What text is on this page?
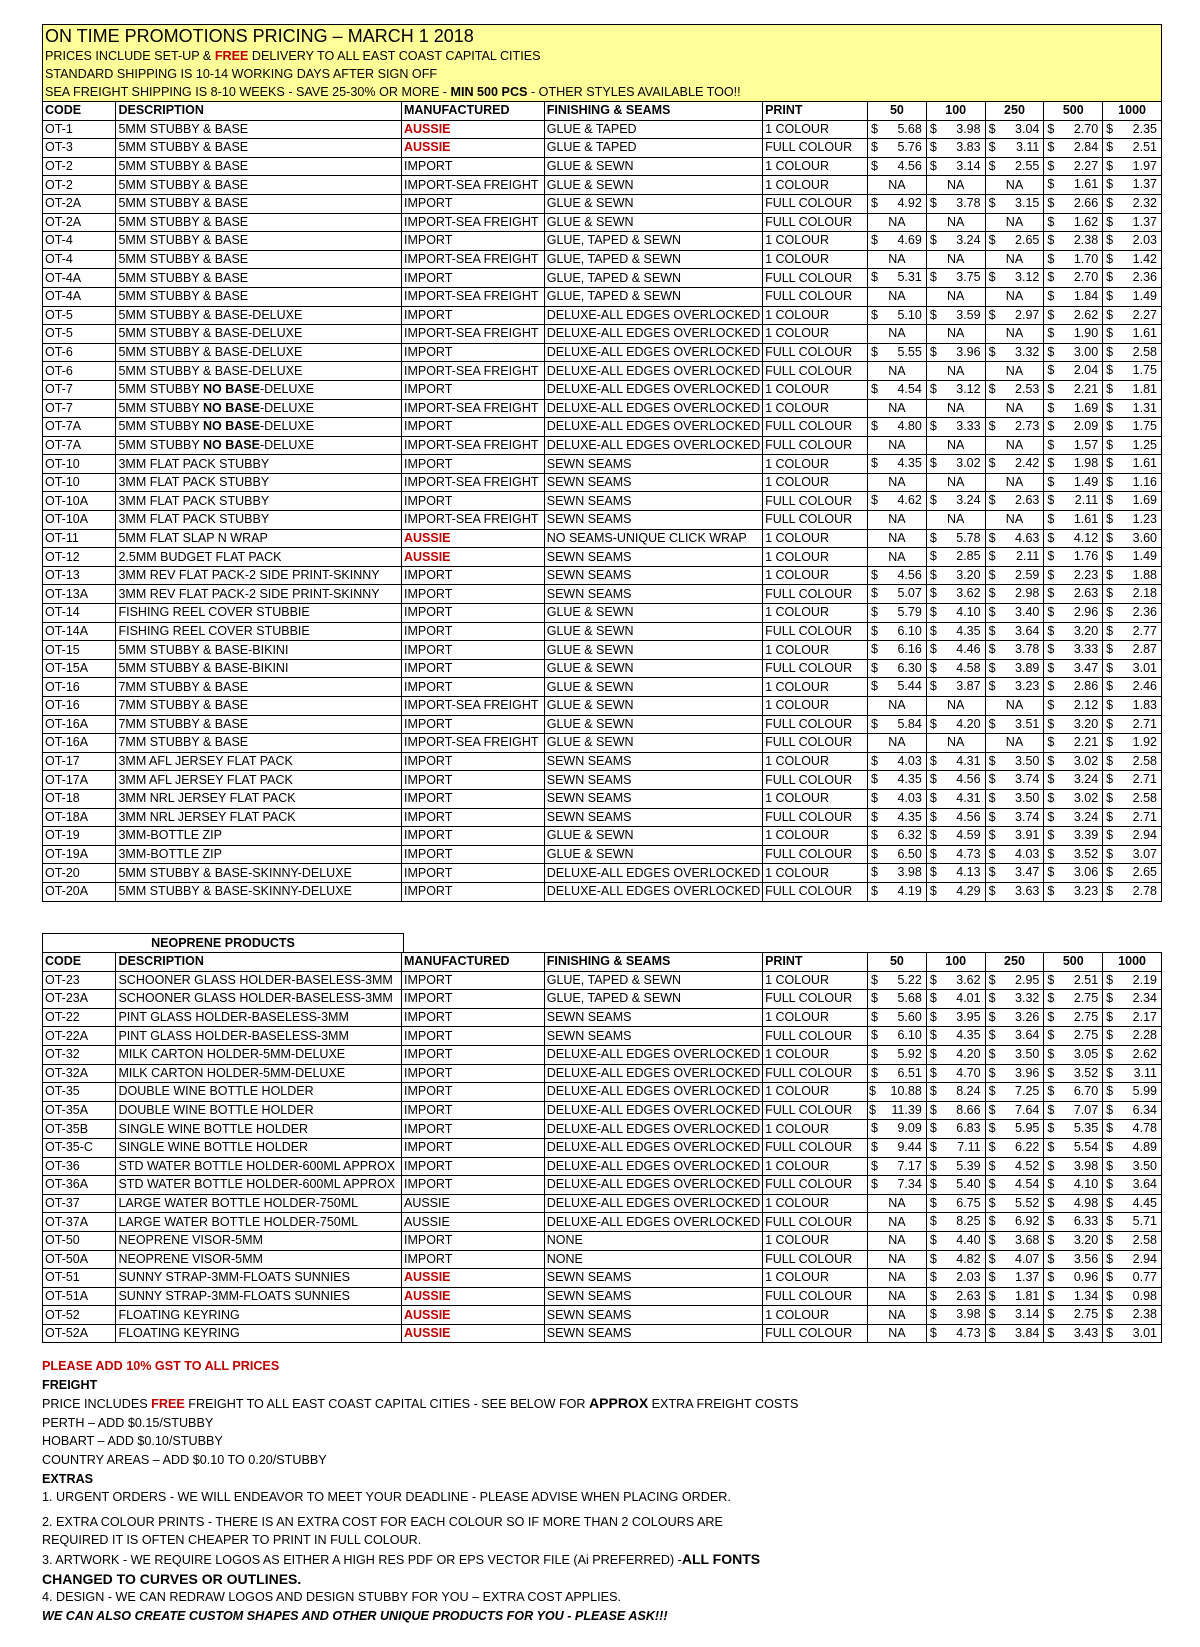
ON TIME PROMOTIONS PRICING – MARCH 1 2018
PRICES INCLUDE SET-UP & FREE DELIVERY TO ALL EAST COAST CAPITAL CITIES
STANDARD SHIPPING IS 10-14 WORKING DAYS AFTER SIGN OFF
SEA FREIGHT SHIPPING IS 8-10 WEEKS - SAVE 25-30% OR MORE - MIN 500 PCS - OTHER STYLES AVAILABLE TOO!!
CODE	DESCRIPTION	MANUFACTURED	FINISHING & SEAMS	PRINT	50	100	250	500	1000
OT-1	5MM STUBBY & BASE	AUSSIE	GLUE & TAPED	1 COLOUR	$ 5.68	$ 3.98	$ 3.04	$ 2.70	$ 2.35

OT-3	5MM STUBBY & BASE	AUSSIE	GLUE & TAPED	FULL COLOUR	$ 5.76	$ 3.83	$ 3.11	$ 2.84	$ 2.51

OT-2	5MM STUBBY & BASE	IMPORT	GLUE & SEWN	1 COLOUR	$ 4.56	$ 3.14	$ 2.55	$ 2.27	$ 1.97

OT-2	5MM STUBBY & BASE	IMPORT-SEA FREIGHT	GLUE & SEWN	1 COLOUR	NA	NA	NA	$ 1.61	$ 1.37

OT-2A	5MM STUBBY & BASE	IMPORT	GLUE & SEWN	FULL COLOUR	$ 4.92	$ 3.78	$ 3.15	$ 2.66	$ 2.32

OT-2A	5MM STUBBY & BASE	IMPORT-SEA FREIGHT	GLUE & SEWN	FULL COLOUR	NA	NA	NA	$ 1.62	$ 1.37

OT-4	5MM STUBBY & BASE	IMPORT	GLUE, TAPED & SEWN	1 COLOUR	$ 4.69	$ 3.24	$ 2.65	$ 2.38	$ 2.03

OT-4	5MM STUBBY & BASE	IMPORT-SEA FREIGHT	GLUE, TAPED & SEWN	1 COLOUR	NA	NA	NA	$ 1.70	$ 1.42

OT-4A	5MM STUBBY & BASE	IMPORT	GLUE, TAPED & SEWN	FULL COLOUR	$ 5.31	$ 3.75	$ 3.12	$ 2.70	$ 2.36

OT-4A	5MM STUBBY & BASE	IMPORT-SEA FREIGHT	GLUE, TAPED & SEWN	FULL COLOUR	NA	NA	NA	$ 1.84	$ 1.49

OT-5	5MM STUBBY & BASE-DELUXE	IMPORT	DELUXE-ALL EDGES OVERLOCKED	1 COLOUR	$ 5.10	$ 3.59	$ 2.97	$ 2.62	$ 2.27

OT-5	5MM STUBBY & BASE-DELUXE	IMPORT-SEA FREIGHT	DELUXE-ALL EDGES OVERLOCKED	1 COLOUR	NA	NA	NA	$ 1.90	$ 1.61

OT-6	5MM STUBBY & BASE-DELUXE	IMPORT	DELUXE-ALL EDGES OVERLOCKED	FULL COLOUR	$ 5.55	$ 3.96	$ 3.32	$ 3.00	$ 2.58

OT-6	5MM STUBBY & BASE-DELUXE	IMPORT-SEA FREIGHT	DELUXE-ALL EDGES OVERLOCKED	FULL COLOUR	NA	NA	NA	$ 2.04	$ 1.75

OT-7	5MM STUBBY NO BASE-DELUXE	IMPORT	DELUXE-ALL EDGES OVERLOCKED	1 COLOUR	$ 4.54	$ 3.12	$ 2.53	$ 2.21	$ 1.81

OT-7	5MM STUBBY NO BASE-DELUXE	IMPORT-SEA FREIGHT	DELUXE-ALL EDGES OVERLOCKED	1 COLOUR	NA	NA	NA	$ 1.69	$ 1.31

OT-7A	5MM STUBBY NO BASE-DELUXE	IMPORT	DELUXE-ALL EDGES OVERLOCKED	FULL COLOUR	$ 4.80	$ 3.33	$ 2.73	$ 2.09	$ 1.75

OT-7A	5MM STUBBY NO BASE-DELUXE	IMPORT-SEA FREIGHT	DELUXE-ALL EDGES OVERLOCKED	FULL COLOUR	NA	NA	NA	$ 1.57	$ 1.25

OT-10	3MM FLAT PACK STUBBY	IMPORT	SEWN SEAMS	1 COLOUR	$ 4.35	$ 3.02	$ 2.42	$ 1.98	$ 1.61

OT-10	3MM FLAT PACK STUBBY	IMPORT-SEA FREIGHT	SEWN SEAMS	1 COLOUR	NA	NA	NA	$ 1.49	$ 1.16

OT-10A	3MM FLAT PACK STUBBY	IMPORT	SEWN SEAMS	FULL COLOUR	$ 4.62	$ 3.24	$ 2.63	$ 2.11	$ 1.69

OT-10A	3MM FLAT PACK STUBBY	IMPORT-SEA FREIGHT	SEWN SEAMS	FULL COLOUR	NA	NA	NA	$ 1.61	$ 1.23

OT-11	5MM FLAT SLAP N WRAP	AUSSIE	NO SEAMS-UNIQUE CLICK WRAP	1 COLOUR	NA	$ 5.78	$ 4.63	$ 4.12	$ 3.60

OT-12	2.5MM BUDGET FLAT PACK	AUSSIE	SEWN SEAMS	1 COLOUR	NA	$ 2.85	$ 2.11	$ 1.76	$ 1.49

OT-13	3MM REV FLAT PACK-2 SIDE PRINT-SKINNY	IMPORT	SEWN SEAMS	1 COLOUR	$ 4.56	$ 3.20	$ 2.59	$ 2.23	$ 1.88

OT-13A	3MM REV FLAT PACK-2 SIDE PRINT-SKINNY	IMPORT	SEWN SEAMS	FULL COLOUR	$ 5.07	$ 3.62	$ 2.98	$ 2.63	$ 2.18

OT-14	FISHING REEL COVER STUBBIE	IMPORT	GLUE & SEWN	1 COLOUR	$ 5.79	$ 4.10	$ 3.40	$ 2.96	$ 2.36

OT-14A	FISHING REEL COVER STUBBIE	IMPORT	GLUE & SEWN	FULL COLOUR	$ 6.10	$ 4.35	$ 3.64	$ 3.20	$ 2.77

OT-15	5MM STUBBY & BASE-BIKINI	IMPORT	GLUE & SEWN	1 COLOUR	$ 6.16	$ 4.46	$ 3.78	$ 3.33	$ 2.87

OT-15A	5MM STUBBY & BASE-BIKINI	IMPORT	GLUE & SEWN	FULL COLOUR	$ 6.30	$ 4.58	$ 3.89	$ 3.47	$ 3.01

OT-16	7MM STUBBY & BASE	IMPORT	GLUE & SEWN	1 COLOUR	$ 5.44	$ 3.87	$ 3.23	$ 2.86	$ 2.46

OT-16	7MM STUBBY & BASE	IMPORT-SEA FREIGHT	GLUE & SEWN	1 COLOUR	NA	NA	NA	$ 2.12	$ 1.83

OT-16A	7MM STUBBY & BASE	IMPORT	GLUE & SEWN	FULL COLOUR	$ 5.84	$ 4.20	$ 3.51	$ 3.20	$ 2.71

OT-16A	7MM STUBBY & BASE	IMPORT-SEA FREIGHT	GLUE & SEWN	FULL COLOUR	NA	NA	NA	$ 2.21	$ 1.92

OT-17	3MM AFL JERSEY FLAT PACK	IMPORT	SEWN SEAMS	1 COLOUR	$ 4.03	$ 4.31	$ 3.50	$ 3.02	$ 2.58

OT-17A	3MM AFL JERSEY FLAT PACK	IMPORT	SEWN SEAMS	FULL COLOUR	$ 4.35	$ 4.56	$ 3.74	$ 3.24	$ 2.71

OT-18	3MM NRL JERSEY FLAT PACK	IMPORT	SEWN SEAMS	1 COLOUR	$ 4.03	$ 4.31	$ 3.50	$ 3.02	$ 2.58

OT-18A	3MM NRL JERSEY FLAT PACK	IMPORT	SEWN SEAMS	FULL COLOUR	$ 4.35	$ 4.56	$ 3.74	$ 3.24	$ 2.71

OT-19	3MM-BOTTLE ZIP	IMPORT	GLUE & SEWN	1 COLOUR	$ 6.32	$ 4.59	$ 3.91	$ 3.39	$ 2.94

OT-19A	3MM-BOTTLE ZIP	IMPORT	GLUE & SEWN	FULL COLOUR	$ 6.50	$ 4.73	$ 4.03	$ 3.52	$ 3.07

OT-20	5MM STUBBY & BASE-SKINNY-DELUXE	IMPORT	DELUXE-ALL EDGES OVERLOCKED	1 COLOUR	$ 3.98	$ 4.13	$ 3.47	$ 3.06	$ 2.65

OT-20A	5MM STUBBY & BASE-SKINNY-DELUXE	IMPORT	DELUXE-ALL EDGES OVERLOCKED	FULL COLOUR	$ 4.19	$ 4.29	$ 3.63	$ 3.23	$ 2.78
NEOPRENE PRODUCTS
CODE	DESCRIPTION	MANUFACTURED	FINISHING & SEAMS	PRINT	50	100	250	500	1000
OT-23	SCHOONER GLASS HOLDER-BASELESS-3MM	IMPORT	GLUE, TAPED & SEWN	1 COLOUR	$ 5.22	$ 3.62	$ 2.95	$ 2.51	$ 2.19

OT-23A	SCHOONER GLASS HOLDER-BASELESS-3MM	IMPORT	GLUE, TAPED & SEWN	FULL COLOUR	$ 5.68	$ 4.01	$ 3.32	$ 2.75	$ 2.34

OT-22	PINT GLASS HOLDER-BASELESS-3MM	IMPORT	SEWN SEAMS	1 COLOUR	$ 5.60	$ 3.95	$ 3.26	$ 2.75	$ 2.17

OT-22A	PINT GLASS HOLDER-BASELESS-3MM	IMPORT	SEWN SEAMS	FULL COLOUR	$ 6.10	$ 4.35	$ 3.64	$ 2.75	$ 2.28

OT-32	MILK CARTON HOLDER-5MM-DELUXE	IMPORT	DELUXE-ALL EDGES OVERLOCKED	1 COLOUR	$ 5.92	$ 4.20	$ 3.50	$ 3.05	$ 2.62

OT-32A	MILK CARTON HOLDER-5MM-DELUXE	IMPORT	DELUXE-ALL EDGES OVERLOCKED	FULL COLOUR	$ 6.51	$ 4.70	$ 3.96	$ 3.52	$ 3.11

OT-35	DOUBLE WINE BOTTLE HOLDER	IMPORT	DELUXE-ALL EDGES OVERLOCKED	1 COLOUR	$ 10.88	$ 8.24	$ 7.25	$ 6.70	$ 5.99

OT-35A	DOUBLE WINE BOTTLE HOLDER	IMPORT	DELUXE-ALL EDGES OVERLOCKED	FULL COLOUR	$ 11.39	$ 8.66	$ 7.64	$ 7.07	$ 6.34

OT-35B	SINGLE WINE BOTTLE HOLDER	IMPORT	DELUXE-ALL EDGES OVERLOCKED	1 COLOUR	$ 9.09	$ 6.83	$ 5.95	$ 5.35	$ 4.78

OT-35-C	SINGLE WINE BOTTLE HOLDER	IMPORT	DELUXE-ALL EDGES OVERLOCKED	FULL COLOUR	$ 9.44	$ 7.11	$ 6.22	$ 5.54	$ 4.89

OT-36	STD WATER BOTTLE HOLDER-600ML APPROX	IMPORT	DELUXE-ALL EDGES OVERLOCKED	1 COLOUR	$ 7.17	$ 5.39	$ 4.52	$ 3.98	$ 3.50

OT-36A	STD WATER BOTTLE HOLDER-600ML APPROX	IMPORT	DELUXE-ALL EDGES OVERLOCKED	FULL COLOUR	$ 7.34	$ 5.40	$ 4.54	$ 4.10	$ 3.64

OT-37	LARGE WATER BOTTLE HOLDER-750ML	AUSSIE	DELUXE-ALL EDGES OVERLOCKED	1 COLOUR	NA	$ 6.75	$ 5.52	$ 4.98	$ 4.45

OT-37A	LARGE WATER BOTTLE HOLDER-750ML	AUSSIE	DELUXE-ALL EDGES OVERLOCKED	FULL COLOUR	NA	$ 8.25	$ 6.92	$ 6.33	$ 5.71

OT-50	NEOPRENE VISOR-5MM	IMPORT	NONE	1 COLOUR	NA	$ 4.40	$ 3.68	$ 3.20	$ 2.58

OT-50A	NEOPRENE VISOR-5MM	IMPORT	NONE	FULL COLOUR	NA	$ 4.82	$ 4.07	$ 3.56	$ 2.94

OT-51	SUNNY STRAP-3MM-FLOATS SUNNIES	AUSSIE	SEWN SEAMS	1 COLOUR	NA	$ 2.03	$ 1.37	$ 0.96	$ 0.77

OT-51A	SUNNY STRAP-3MM-FLOATS SUNNIES	AUSSIE	SEWN SEAMS	FULL COLOUR	NA	$ 2.63	$ 1.81	$ 1.34	$ 0.98

OT-52	FLOATING KEYRING	AUSSIE	SEWN SEAMS	1 COLOUR	NA	$ 3.98	$ 3.14	$ 2.75	$ 2.38

OT-52A	FLOATING KEYRING	AUSSIE	SEWN SEAMS	FULL COLOUR	NA	$ 4.73	$ 3.84	$ 3.43	$ 3.01
PLEASE ADD 10% GST TO ALL PRICES
FREIGHT
PRICE INCLUDES FREE FREIGHT TO ALL EAST COAST CAPITAL CITIES - SEE BELOW FOR APPROX EXTRA FREIGHT COSTS
PERTH – ADD $0.15/STUBBY
HOBART – ADD $0.10/STUBBY
COUNTRY AREAS – ADD $0.10 TO 0.20/STUBBY
EXTRAS
1. URGENT ORDERS - WE WILL ENDEAVOR TO MEET YOUR DEADLINE - PLEASE ADVISE WHEN PLACING ORDER.
2. EXTRA COLOUR PRINTS - THERE IS AN EXTRA COST FOR EACH COLOUR SO IF MORE THAN 2 COLOURS ARE
REQUIRED IT IS OFTEN CHEAPER TO PRINT IN FULL COLOUR.
3. ARTWORK - WE REQUIRE LOGOS AS EITHER A HIGH RES PDF OR EPS VECTOR FILE (Ai PREFERRED) -ALL FONTS
CHANGED TO CURVES OR OUTLINES.
4. DESIGN - WE CAN REDRAW LOGOS AND DESIGN STUBBY FOR YOU – EXTRA COST APPLIES.
WE CAN ALSO CREATE CUSTOM SHAPES AND OTHER UNIQUE PRODUCTS FOR YOU - PLEASE ASK!!!
